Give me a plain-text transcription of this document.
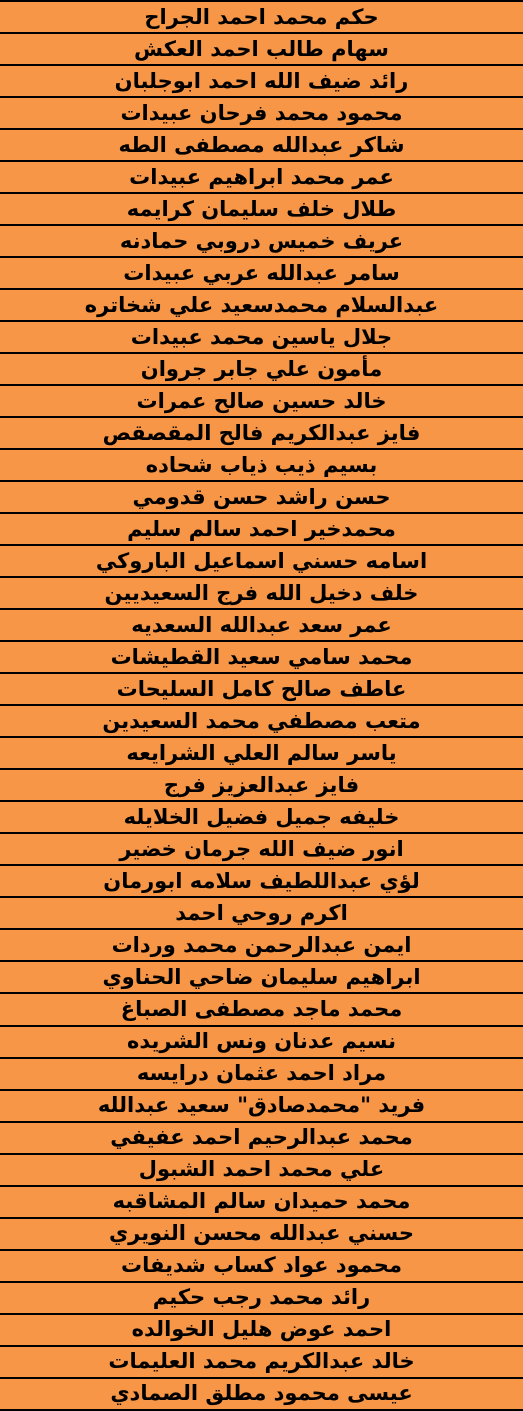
حكم محمد احمد الجراح
سهام طالب احمد العكش
رائد ضيف الله احمد ابوجلبان
محمود محمد فرحان عبيدات
شاكر عبدالله مصطفى الطه
عمر محمد ابراهيم عبيدات
طلال خلف سليمان كرايمه
عريف خميس دروبي حمادنه
سامر عبدالله عربي عبيدات
عبدالسلام محمدسعيد علي شخاتره
جلال ياسين محمد عبيدات
مأمون علي جابر جروان
خالد حسين صالح عمرات
فايز عبدالكريم فالح المقصقص
بسيم ذيب ذياب شحاده
حسن راشد حسن قدومي
محمدخير احمد سالم سليم
اسامه حسني اسماعيل الباروكي
خلف دخيل الله فرج السعيديين
عمر سعد عبدالله السعديه
محمد سامي سعيد القطيشات
عاطف صالح كامل السليحات
متعب مصطفي محمد السعيدين
ياسر سالم العلي الشرايعه
فايز عبدالعزيز فرج
خليفه جميل فضيل الخلايله
انور ضيف الله جرمان خضير
لؤي عبداللطيف سلامه ابورمان
اكرم روحي احمد
ايمن عبدالرحمن محمد وردات
ابراهيم سليمان ضاحي الحناوي
محمد ماجد مصطفى الصباغ
نسيم عدنان ونس الشريده
مراد احمد عثمان درايسه
فريد "محمدصادق" سعيد عبدالله
محمد عبدالرحيم احمد عفيفي
علي محمد احمد الشبول
محمد حميدان سالم المشاقبه
حسني عبدالله محسن النويري
محمود عواد كساب شديفات
رائد محمد رجب حكيم
احمد عوض هليل الخوالده
خالد عبدالكريم محمد العليمات
عيسى محمود مطلق الصمادي
